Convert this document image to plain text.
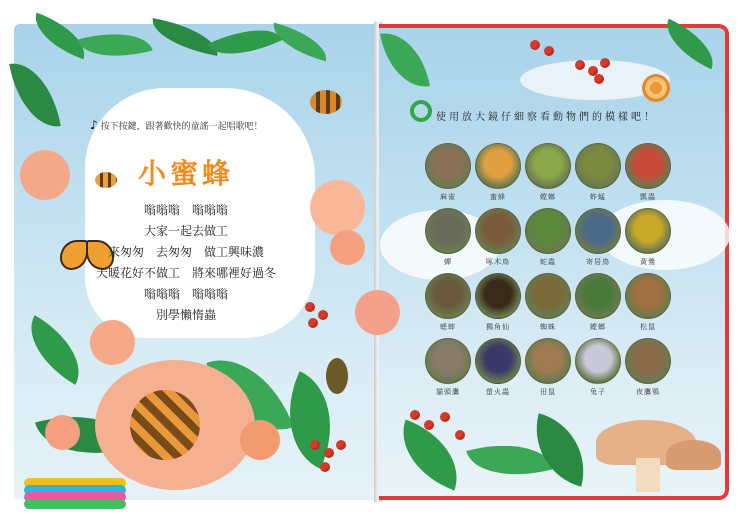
♪ 按下按鍵，跟著歡快的童謠一起唱歌吧！
小蜜蜂
嗡嗡嗡　嗡嗡嗡
大家一起去做工
來匆匆　去匆匆　做工興味濃
天暖花好不做工　將來哪裡好過冬
嗡嗡嗡　嗡嗡嗡
別學懶惰蟲
使用放大鏡仔細察看動物們的模樣吧！
麻雀	蜜蜂	螳螂	蚱蜢	瓢蟲
蟬	啄木鳥	蛇蟲	寄居鳥	黃鶯
蟋蟀	獨角仙	蜘蛛	螳螂	松鼠
貓頭鷹	螢火蟲	田鼠	兔子	夜鷹鴞
